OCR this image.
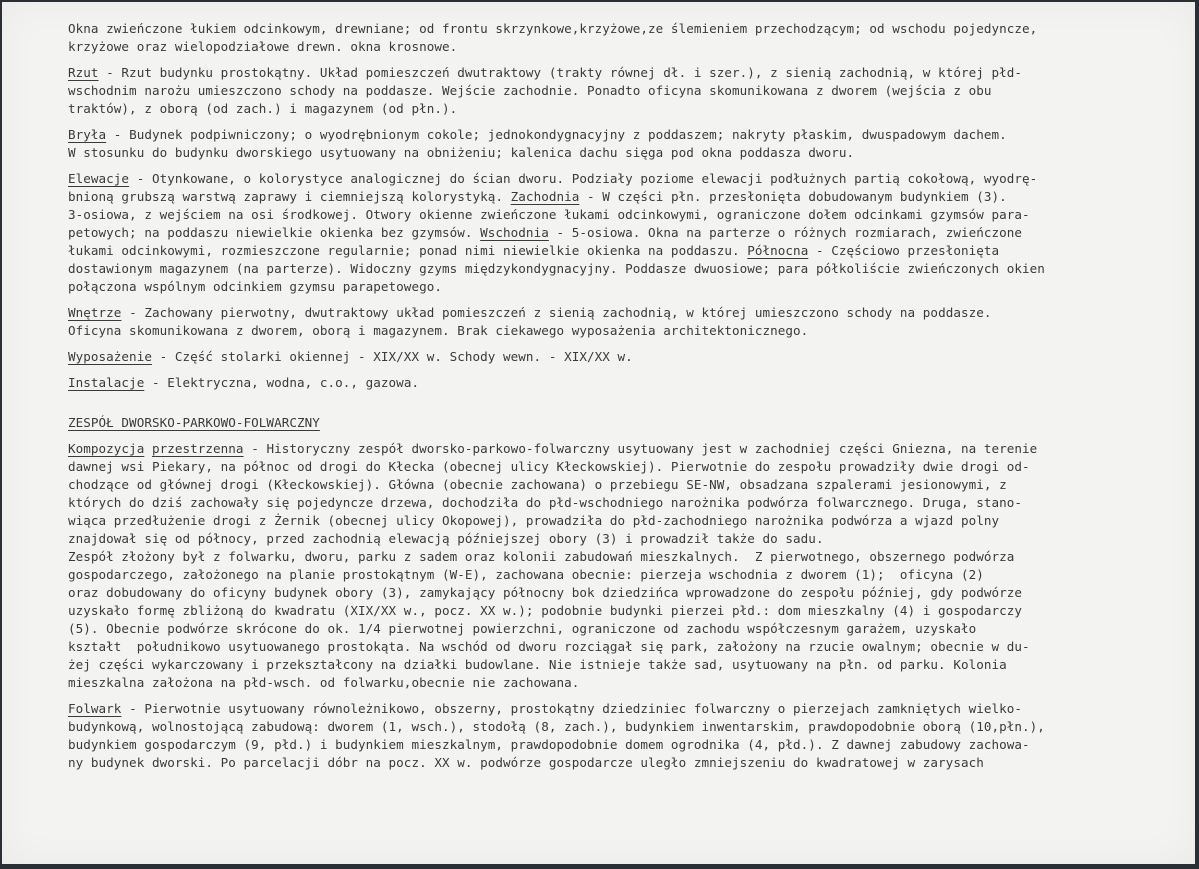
Okna zwieńczone łukiem odcinkowym, drewniane; od frontu skrzynkowe,krzyżowe,ze ślemieniem przechodzącym; od wschodu pojedyncze,
krzyżowe oraz wielopodziałowe drewn. okna krosnowe.
Rzut - Rzut budynku prostokątny. Układ pomieszczeń dwutraktowy (trakty równej dł. i szer.), z sienią zachodnią, w której płd-
wschodnim narożu umieszczono schody na poddasze. Wejście zachodnie. Ponadto oficyna skomunikowana z dworem (wejścia z obu
traktów), z oborą (od zach.) i magazynem (od płn.).
Bryła - Budynek podpiwniczony; o wyodrębnionym cokole; jednokondygnacyjny z poddaszem; nakryty płaskim, dwuspadowym dachem.
W stosunku do budynku dworskiego usytuowany na obniżeniu; kalenica dachu sięga pod okna poddasza dworu.
Elewacje - Otynkowane, o kolorystyce analogicznej do ścian dworu. Podziały poziome elewacji podłużnych partią cokołową, wyodrę-
bnioną grubszą warstwą zaprawy i ciemniejszą kolorystyką. Zachodnia - W części płn. przesłonięta dobudowanym budynkiem (3).
3-osiowa, z wejściem na osi środkowej. Otwory okienne zwieńczone łukami odcinkowymi, ograniczone dołem odcinkami gzymsów para-
petowych; na poddaszu niewielkie okienka bez gzymsów. Wschodnia - 5-osiowa. Okna na parterze o różnych rozmiarach, zwieńczone
łukami odcinkowymi, rozmieszczone regularnie; ponad nimi niewielkie okienka na poddaszu. Północna - Częściowo przesłonięta
dostawionym magazynem (na parterze). Widoczny gzyms międzykondygnacyjny. Poddasze dwuosiowe; para półkoliście zwieńczonych okien
połączona wspólnym odcinkiem gzymsu parapetowego.
Wnętrze - Zachowany pierwotny, dwutraktowy układ pomieszczeń z sienią zachodnią, w której umieszczono schody na poddasze.
Oficyna skomunikowana z dworem, oborą i magazynem. Brak ciekawego wyposażenia architektonicznego.
Wyposażenie - Część stolarki okiennej - XIX/XX w. Schody wewn. - XIX/XX w.
Instalacje - Elektryczna, wodna, c.o., gazowa.
ZESPÓŁ DWORSKO-PARKOWO-FOLWARCZNY
Kompozycja przestrzenna - Historyczny zespół dworsko-parkowo-folwarczny usytuowany jest w zachodniej części Gniezna, na terenie
dawnej wsi Piekary, na północ od drogi do Kłecka (obecnej ulicy Kłeckowskiej). Pierwotnie do zespołu prowadziły dwie drogi od-
chodzące od głównej drogi (Kłeckowskiej). Główna (obecnie zachowana) o przebiegu SE-NW, obsadzana szpalerami jesionowymi, z
których do dziś zachowały się pojedyncze drzewa, dochodziła do płd-wschodniego narożnika podwórza folwarcznego. Druga, stano-
wiąca przedłużenie drogi z Żernik (obecnej ulicy Okopowej), prowadziła do płd-zachodniego narożnika podwórza a wjazd polny
znajdował się od północy, przed zachodnią elewacją późniejszej obory (3) i prowadził także do sadu.
Zespół złożony był z folwarku, dworu, parku z sadem oraz kolonii zabudowań mieszkalnych.  Z pierwotnego, obszernego podwórza
gospodarczego, założonego na planie prostokątnym (W-E), zachowana obecnie: pierzeja wschodnia z dworem (1);  oficyna (2)
oraz dobudowany do oficyny budynek obory (3), zamykający północny bok dziedzińca wprowadzone do zespołu później, gdy podwórze
uzyskało formę zbliżoną do kwadratu (XIX/XX w., pocz. XX w.); podobnie budynki pierzei płd.: dom mieszkalny (4) i gospodarczy
(5). Obecnie podwórze skrócone do ok. 1/4 pierwotnej powierzchni, ograniczone od zachodu współczesnym garażem, uzyskało
kształt  południkowo usytuowanego prostokąta. Na wschód od dworu rozciągał się park, założony na rzucie owalnym; obecnie w du-
żej części wykarczowany i przekształcony na działki budowlane. Nie istnieje także sad, usytuowany na płn. od parku. Kolonia
mieszkalna założona na płd-wsch. od folwarku,obecnie nie zachowana.
Folwark - Pierwotnie usytuowany równoleżnikowo, obszerny, prostokątny dziedziniec folwarczny o pierzejach zamkniętych wielko-
budynkową, wolnostojącą zabudową: dworem (1, wsch.), stodołą (8, zach.), budynkiem inwentarskim, prawdopodobnie oborą (10,płn.),
budynkiem gospodarczym (9, płd.) i budynkiem mieszkalnym, prawdopodobnie domem ogrodnika (4, płd.). Z dawnej zabudowy zachowa-
ny budynek dworski. Po parcelacji dóbr na pocz. XX w. podwórze gospodarcze uległo zmniejszeniu do kwadratowej w zarysach
